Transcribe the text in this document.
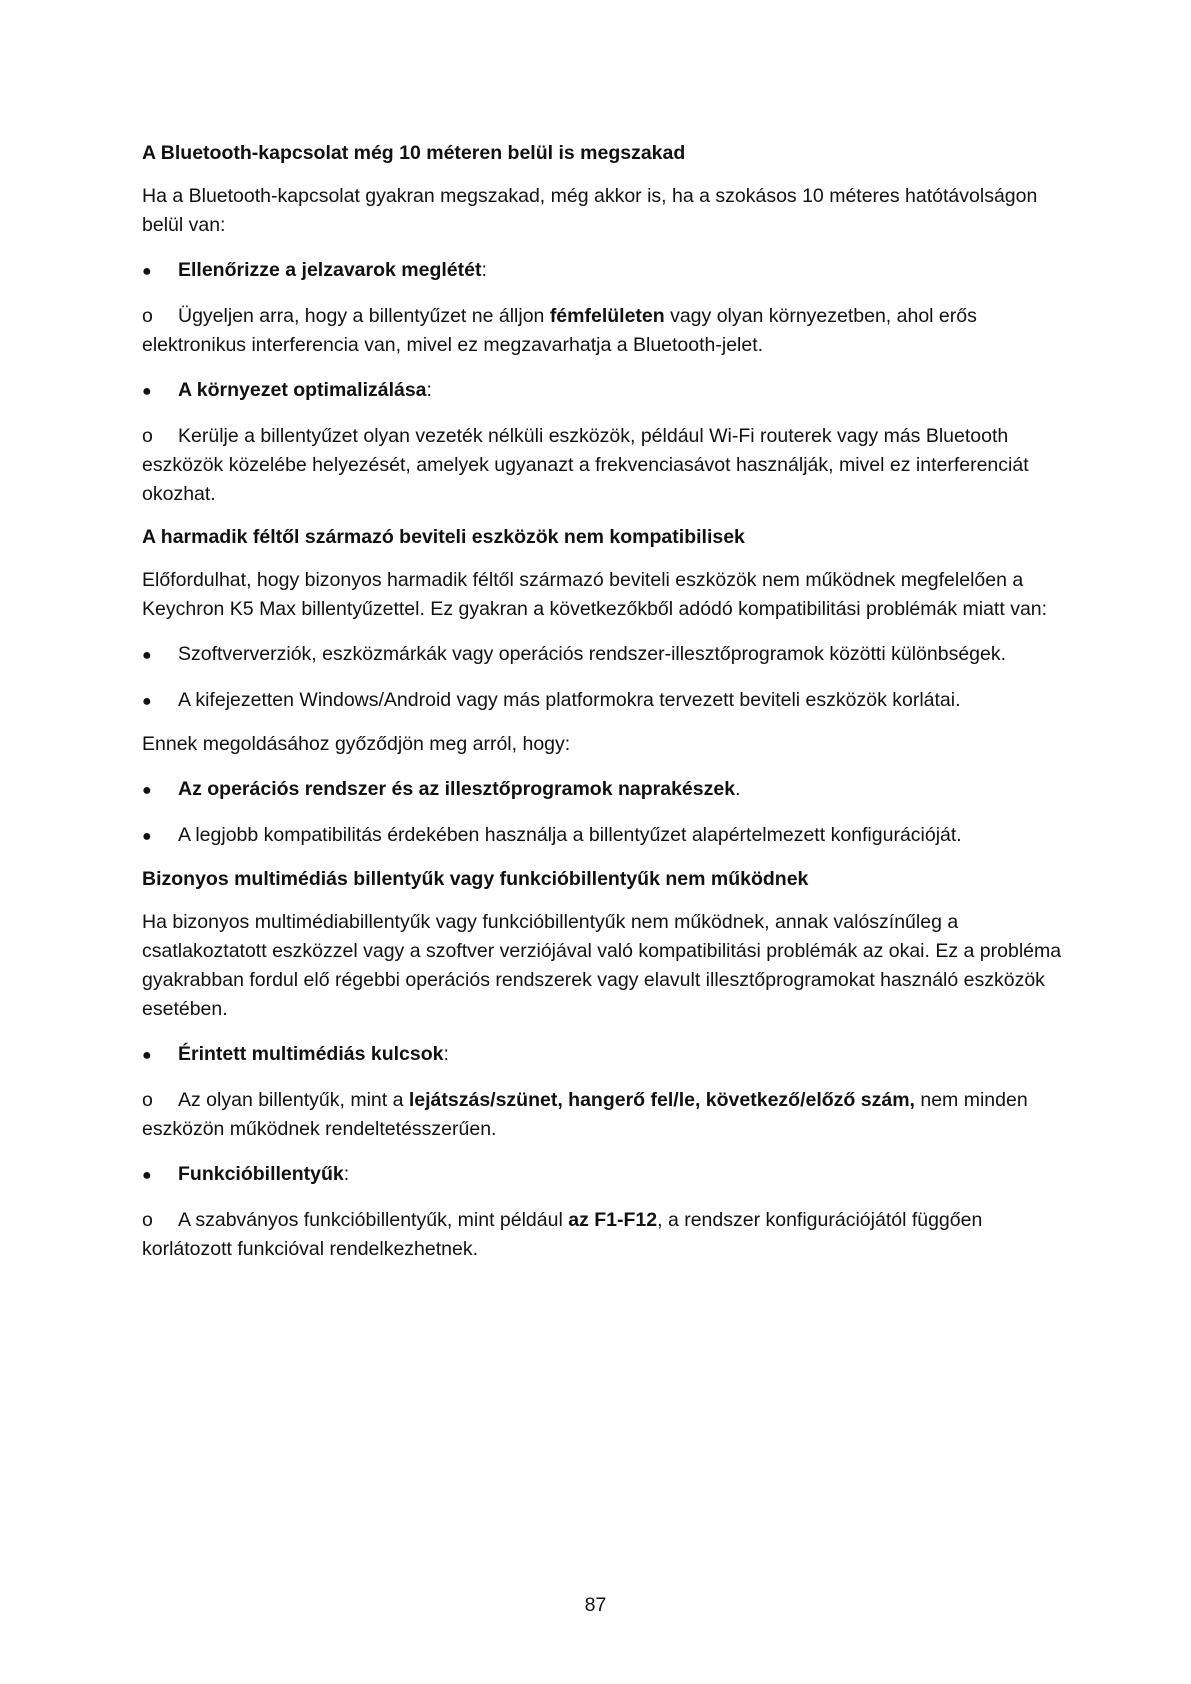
A Bluetooth-kapcsolat még 10 méteren belül is megszakad

Ha a Bluetooth-kapcsolat gyakran megszakad, még akkor is, ha a szokásos 10 méteres hatótávolságon belül van:

●	Ellenőrizze a jelzavarok meglétét:

o Ügyeljen arra, hogy a billentyűzet ne álljon fémfelületen vagy olyan környezetben, ahol erős elektronikus interferencia van, mivel ez megzavarhatja a Bluetooth-jelet.

●	A környezet optimalizálása:

o Kerülje a billentyűzet olyan vezeték nélküli eszközök, például Wi-Fi routerek vagy más Bluetooth eszközök közelébe helyezését, amelyek ugyanazt a frekvenciasávot használják, mivel ez interferenciát okozhat.

A harmadik féltől származó beviteli eszközök nem kompatibilisek

Előfordulhat, hogy bizonyos harmadik féltől származó beviteli eszközök nem működnek megfelelően a Keychron K5 Max billentyűzettel. Ez gyakran a következőkből adódó kompatibilitási problémák miatt van:

●	Szoftververziók, eszközmárkák vagy operációs rendszer-illesztőprogramok közötti különbségek.
●	A kifejezetten Windows/Android vagy más platformokra tervezett beviteli eszközök korlátai.

Ennek megoldásához győződjön meg arról, hogy:

●	Az operációs rendszer és az illesztőprogramok naprakészek.
●	A legjobb kompatibilitás érdekében használja a billentyűzet alapértelmezett konfigurációját.

Bizonyos multimédiás billentyűk vagy funkcióbillentyűk nem működnek

Ha bizonyos multimédiabillentyűk vagy funkcióbillentyűk nem működnek, annak valószínűleg a csatlakoztatott eszközzel vagy a szoftver verziójával való kompatibilitási problémák az okai. Ez a probléma gyakrabban fordul elő régebbi operációs rendszerek vagy elavult illesztőprogramokat használó eszközök esetében.

●	Érintett multimédiás kulcsok:

o Az olyan billentyűk, mint a lejátszás/szünet, hangerő fel/le, következő/előző szám, nem minden eszközön működnek rendeltetésszerűen.

●	Funkcióbillentyűk:

o A szabványos funkcióbillentyűk, mint például az F1-F12, a rendszer konfigurációjától függően korlátozott funkcióval rendelkezhetnek.

87
